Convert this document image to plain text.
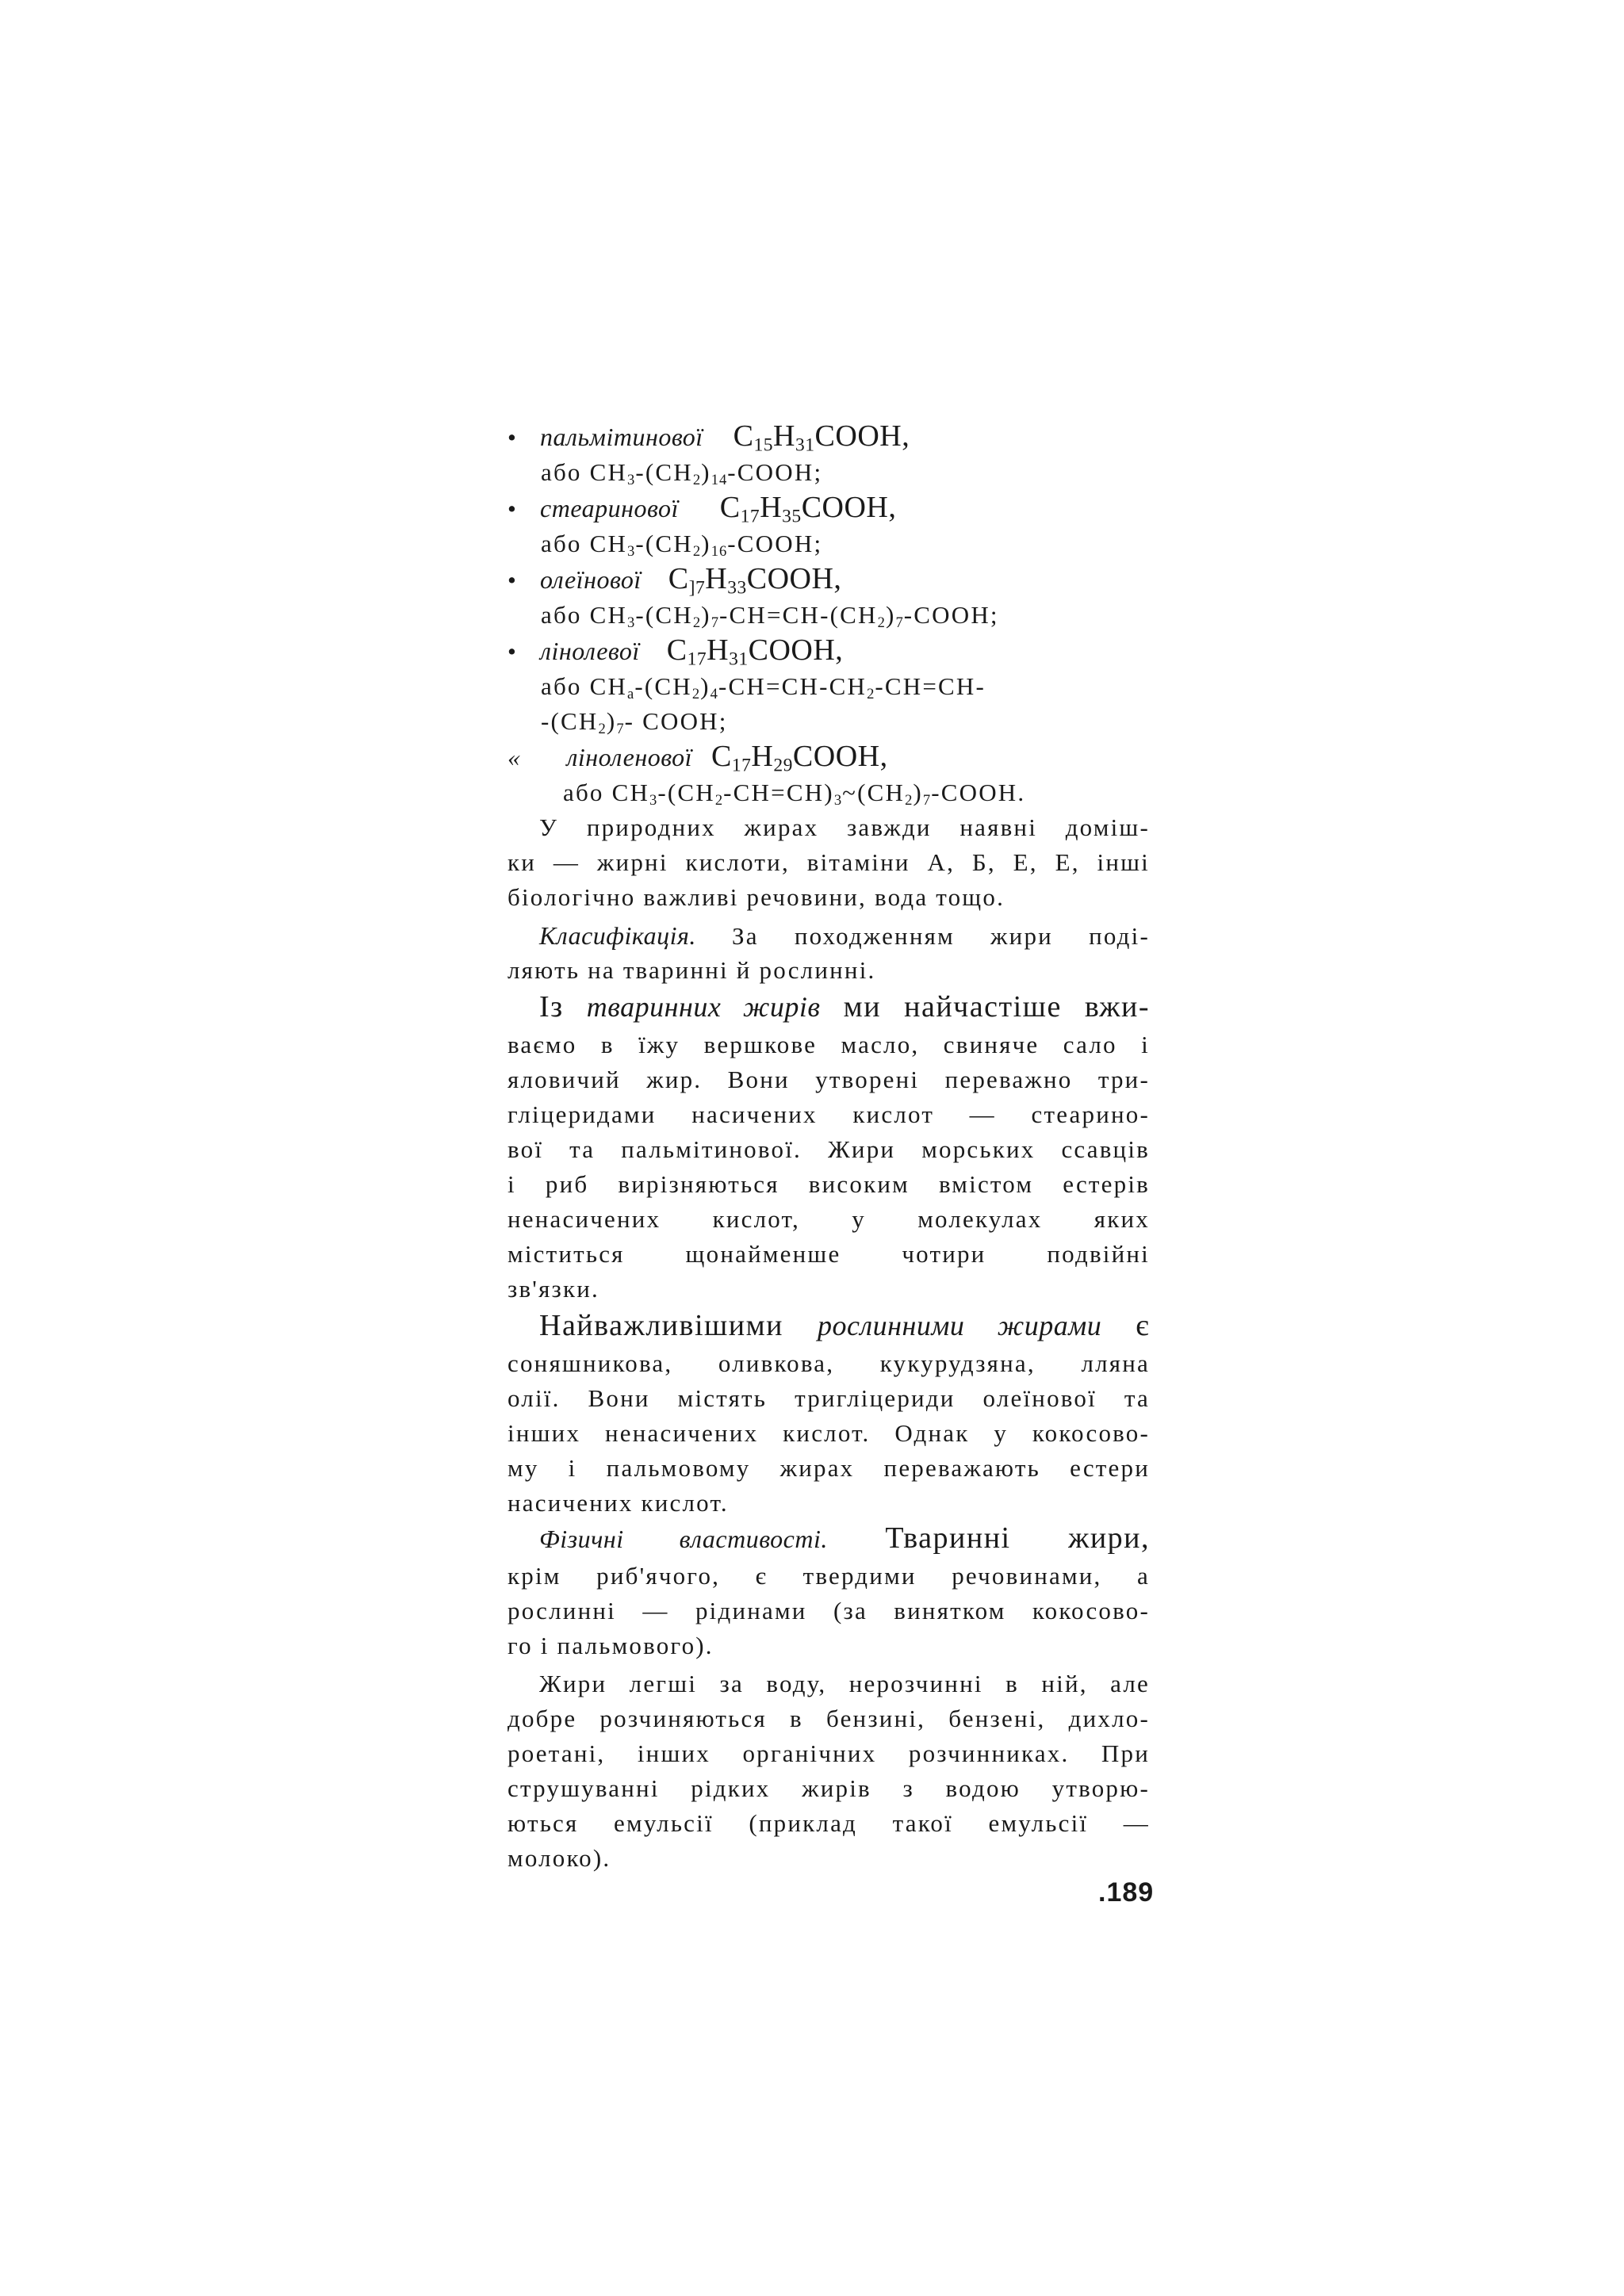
• пальмітинової $C_{15}H_{31}COOH$,
або $CH_3-(CH_2)_{14}$-COOH;
• стеаринової $C_{17}H_{35}COOH$,
або $CH_3-(CH_2)_{16}$-COOH;
• олеїнової $C_{]7}H_{33}COOH$,
або $CH_3-(CH_2)_7-CH=CH-(CH_2)_7$-COOH;
• лінолевої $C_{17}H_{31}COOH$,
або $CH_a-(CH_2)_4-CH=CH-CH_2-CH=CH-$
$-(CH_2)_7-$ COOH;
« ліноленової $C_{17}H_{29}COOH$,
або $CH_3-(CH_2-CH=CH)_3\sim(CH_2)_7$-COOH.
У природних жирах завжди наявні доміш-
ки — жирні кислоти, вітаміни А, Б, Е, Е, інші
біологічно важливі речовини, вода тощо.
Класифікація. За походженням жири поді-
ляють на тваринні й рослинні.
Із тваринних жирів ми найчастіше вжи-
ваємо в їжу вершкове масло, свиняче сало і
яловичий жир. Вони утворені переважно три-
гліцеридами насичених кислот — стеарино-
вої та пальмітинової. Жири морських ссавців
і риб вирізняються високим вмістом естерів
ненасичених кислот, у молекулах яких
міститься щонайменше чотири подвійні
зв'язки.
Найважливішими рослинними жирами є
соняшникова, оливкова, кукурудзяна, лляна
олії. Вони містять тригліцериди олеїнової та
інших ненасичених кислот. Однак у кокосово-
му і пальмовому жирах переважають естери
насичених кислот.
Фізичні властивості. Тваринні жири,
крім риб'ячого, є твердими речовинами, а
рослинні — рідинами (за винятком кокосово-
го і пальмового).
Жири легші за воду, нерозчинні в ній, але
добре розчиняються в бензині, бензені, дихло-
роетані, інших органічних розчинниках. При
струшуванні рідких жирів з водою утворю-
ються емульсії (приклад такої емульсії —
молоко).
.189
